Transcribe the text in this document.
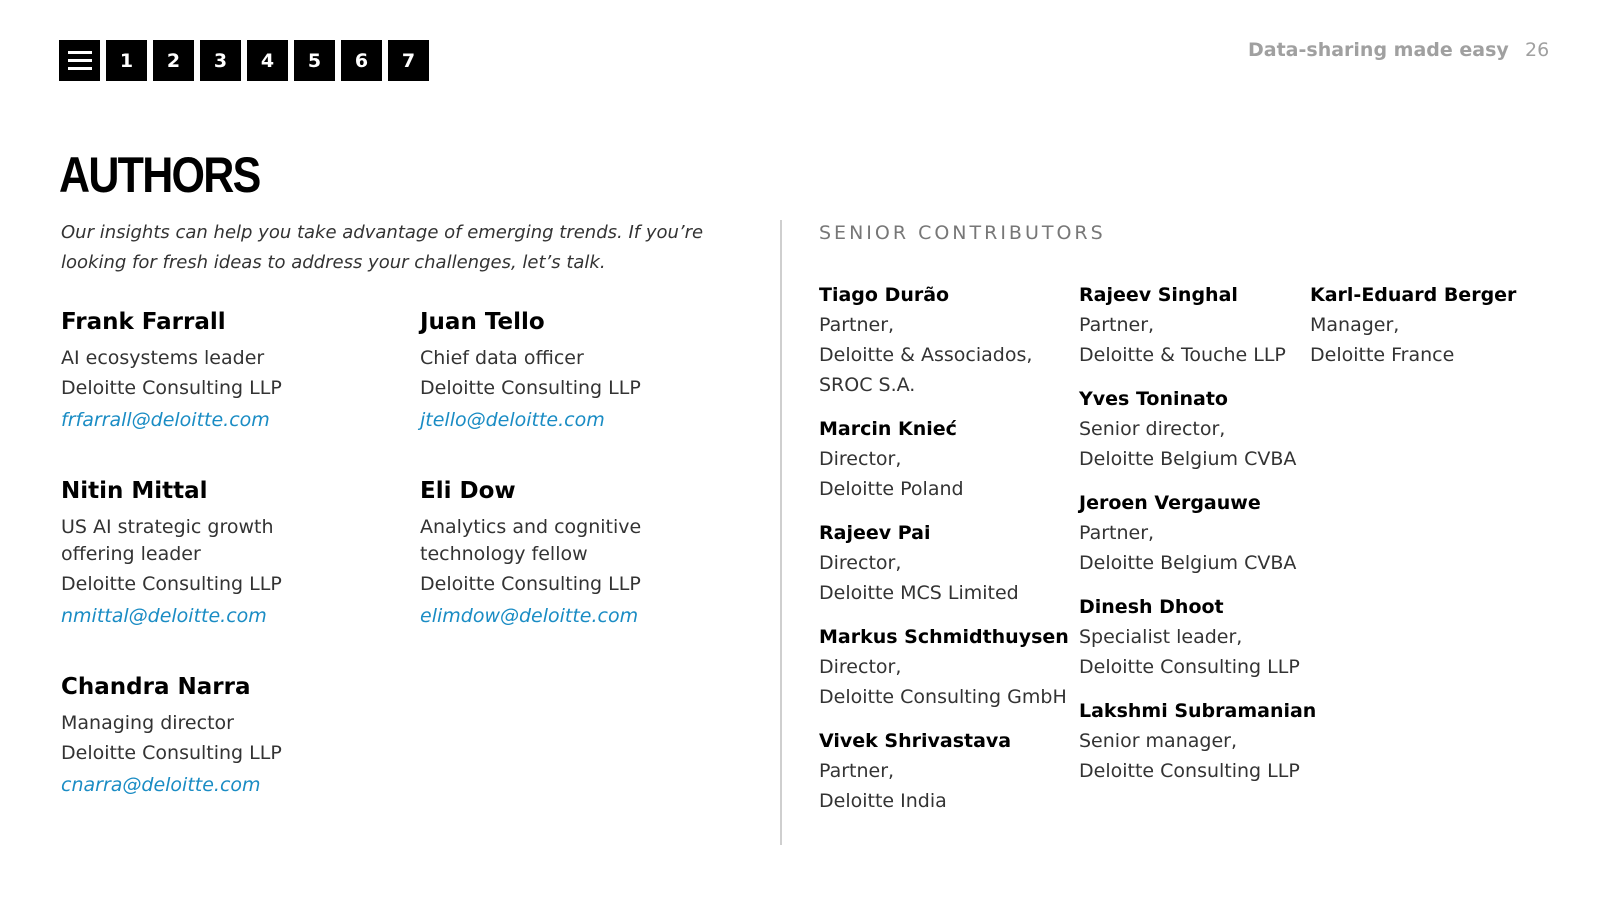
1	2	3	4	5	6	7	Data-sharing made easy 26
AUTHORS

Our insights can help you take advantage of emerging trends. If you’re looking for fresh ideas to address your challenges, let’s talk.

Frank Farrall
AI ecosystems leader
Deloitte Consulting LLP
frfarrall@deloitte.com
Juan Tello
Chief data officer
Deloitte Consulting LLP
jtello@deloitte.com
Nitin Mittal
US AI strategic growth
offering leader
Deloitte Consulting LLP
nmittal@deloitte.com
Eli Dow
Analytics and cognitive
technology fellow
Deloitte Consulting LLP
elimdow@deloitte.com
Chandra Narra
Managing director
Deloitte Consulting LLP
cnarra@deloitte.com
SENIOR CONTRIBUTORS
Tiago Durão
Partner,
Deloitte & Associados,
SROC S.A.
Marcin Knieć
Director,
Deloitte Poland
Rajeev Pai
Director,
Deloitte MCS Limited
Markus Schmidthuysen
Director,
Deloitte Consulting GmbH
Vivek Shrivastava
Partner,
Deloitte India
Rajeev Singhal
Partner,
Deloitte & Touche LLP
Yves Toninato
Senior director,
Deloitte Belgium CVBA
Jeroen Vergauwe
Partner,
Deloitte Belgium CVBA
Dinesh Dhoot
Specialist leader,
Deloitte Consulting LLP
Lakshmi Subramanian
Senior manager,
Deloitte Consulting LLP
Karl-Eduard Berger
Manager,
Deloitte France
